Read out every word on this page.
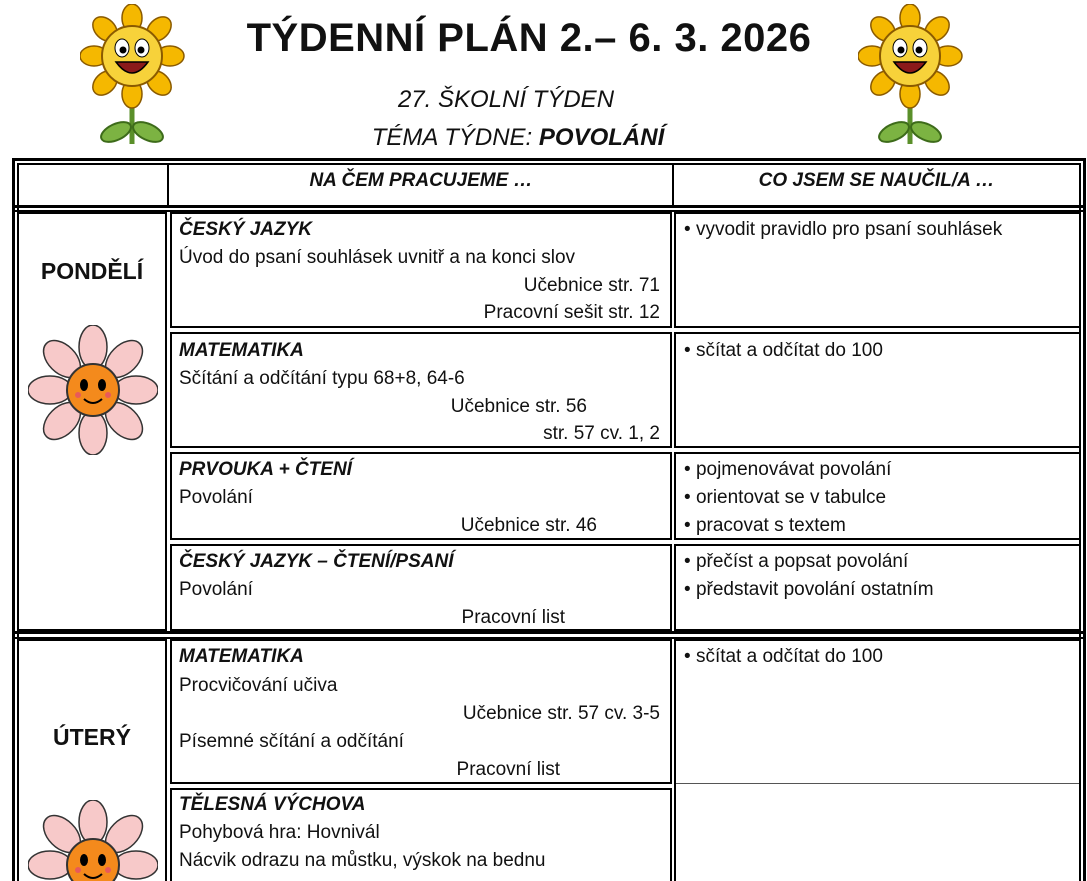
TÝDENNÍ PLÁN 2.– 6. 3. 2026
27. ŠKOLNÍ TÝDEN
TÉMA TÝDNE: POVOLÁNÍ
NA ČEM PRACUJEME …	CO JSEM SE NAUČIL/A …
PONDĚLÍ
ÚTERÝ
ČESKÝ JAZYK
Úvod do psaní souhlásek uvnitř a na konci slov
Učebnice str. 71
Pracovní sešit str. 12
• vyvodit pravidlo pro psaní souhlásek
MATEMATIKA
Sčítání a odčítání typu 68+8, 64-6
Učebnice str. 56
str. 57 cv. 1, 2
• sčítat a odčítat do 100
PRVOUKA + ČTENÍ
Povolání
Učebnice str. 46
• pojmenovávat povolání
• orientovat se v tabulce
• pracovat s textem
ČESKÝ JAZYK – ČTENÍ/PSANÍ
Povolání
Pracovní list
• přečíst a popsat povolání
• představit povolání ostatním
MATEMATIKA
Procvičování učiva
Učebnice str. 57 cv. 3-5
Písemné sčítání a odčítání
Pracovní list
• sčítat a odčítat do 100
TĚLESNÁ VÝCHOVA
Pohybová hra: Hovnivál
Nácvik odrazu na můstku, výskok na bednu
